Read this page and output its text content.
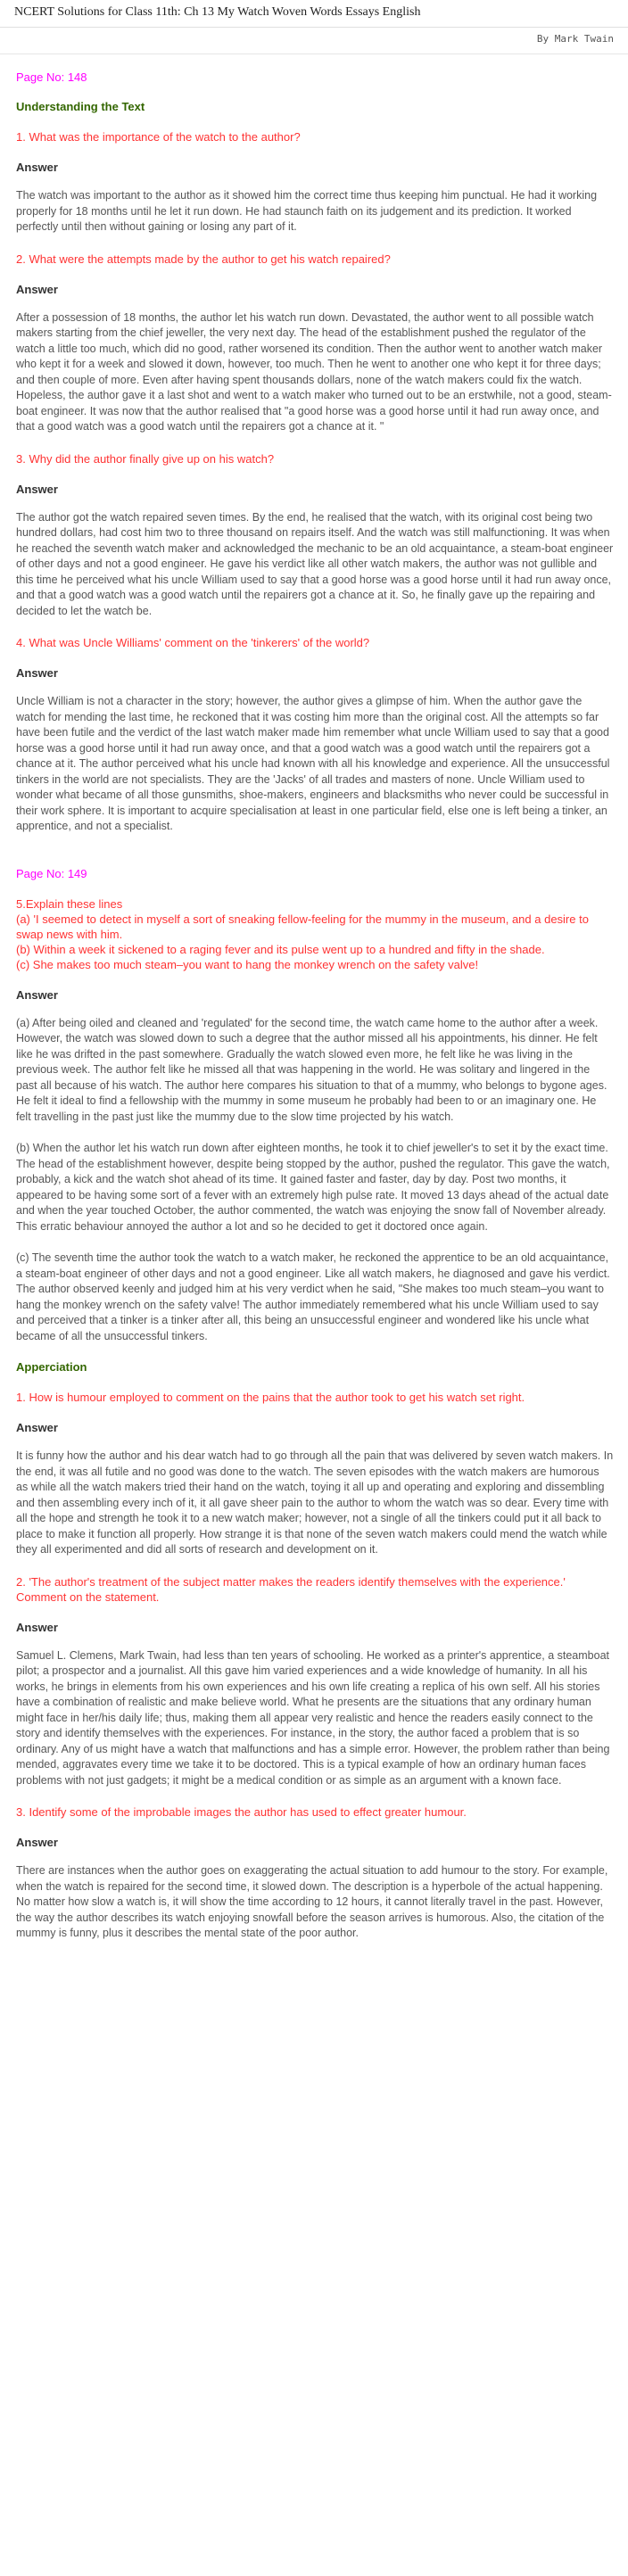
NCERT Solutions for Class 11th: Ch 13 My Watch Woven Words Essays English
By Mark Twain
Page No: 148
Understanding the Text
1. What was the importance of the watch to the author?
Answer

The watch was important to the author as it showed him the correct time thus keeping him punctual. He had it working properly for 18 months until he let it run down. He had staunch faith on its judgement and its prediction. It worked perfectly until then without gaining or losing any part of it.

2. What were the attempts made by the author to get his watch repaired?
Answer

After a possession of 18 months, the author let his watch run down. Devastated, the author went to all possible watch makers starting from the chief jeweller, the very next day. The head of the establishment pushed the regulator of the watch a little too much, which did no good, rather worsened its condition. Then the author went to another watch maker who kept it for a week and slowed it down, however, too much. Then he went to another one who kept it for three days; and then couple of more. Even after having spent thousands dollars, none of the watch makers could fix the watch. Hopeless, the author gave it a last shot and went to a watch maker who turned out to be an erstwhile, not a good, steam-boat engineer. It was now that the author realised that "a good horse was a good horse until it had run away once, and that a good watch was a good watch until the repairers got a chance at it. "

3. Why did the author finally give up on his watch?
Answer

The author got the watch repaired seven times. By the end, he realised that the watch, with its original cost being two hundred dollars, had cost him two to three thousand on repairs itself. And the watch was still malfunctioning. It was when he reached the seventh watch maker and acknowledged the mechanic to be an old acquaintance, a steam-boat engineer of other days and not a good engineer. He gave his verdict like all other watch makers, the author was not gullible and this time he perceived what his uncle William used to say that a good horse was a good horse until it had run away once, and that a good watch was a good watch until the repairers got a chance at it. So, he finally gave up the repairing and decided to let the watch be.

4. What was Uncle Williams' comment on the 'tinkerers' of the world?
Answer

Uncle William is not a character in the story; however, the author gives a glimpse of him. When the author gave the watch for mending the last time, he reckoned that it was costing him more than the original cost. All the attempts so far have been futile and the verdict of the last watch maker made him remember what uncle William used to say that a good horse was a good horse until it had run away once, and that a good watch was a good watch until the repairers got a chance at it. The author perceived what his uncle had known with all his knowledge and experience. All the unsuccessful tinkers in the world are not specialists. They are the 'Jacks' of all trades and masters of none. Uncle William used to wonder what became of all those gunsmiths, shoe-makers, engineers and blacksmiths who never could be successful in their work sphere. It is important to acquire specialisation at least in one particular field, else one is left being a tinker, an apprentice, and not a specialist.

Page No: 149
5.Explain these lines
(a) 'I seemed to detect in myself a sort of sneaking fellow-feeling for the mummy in the museum, and a desire to swap news with him.
(b) Within a week it sickened to a raging fever and its pulse went up to a hundred and fifty in the shade.
(c) She makes too much steam–you want to hang the monkey wrench on the safety valve!
Answer

(a) After being oiled and cleaned and 'regulated' for the second time, the watch came home to the author after a week. However, the watch was slowed down to such a degree that the author missed all his appointments, his dinner. He felt like he was drifted in the past somewhere. Gradually the watch slowed even more, he felt like he was living in the previous week. The author felt like he missed all that was happening in the world. He was solitary and lingered in the past all because of his watch. The author here compares his situation to that of a mummy, who belongs to bygone ages. He felt it ideal to find a fellowship with the mummy in some museum he probably had been to or an imaginary one. He felt travelling in the past just like the mummy due to the slow time projected by his watch.

(b) When the author let his watch run down after eighteen months, he took it to chief jeweller's to set it by the exact time. The head of the establishment however, despite being stopped by the author, pushed the regulator. This gave the watch, probably, a kick and the watch shot ahead of its time. It gained faster and faster, day by day. Post two months, it appeared to be having some sort of a fever with an extremely high pulse rate. It moved 13 days ahead of the actual date and when the year touched October, the author commented, the watch was enjoying the snow fall of November already. This erratic behaviour annoyed the author a lot and so he decided to get it doctored once again.

(c) The seventh time the author took the watch to a watch maker, he reckoned the apprentice to be an old acquaintance, a steam-boat engineer of other days and not a good engineer. Like all watch makers, he diagnosed and gave his verdict. The author observed keenly and judged him at his very verdict when he said, "She makes too much steam–you want to hang the monkey wrench on the safety valve! The author immediately remembered what his uncle William used to say and perceived that a tinker is a tinker after all, this being an unsuccessful engineer and wondered like his uncle what became of all the unsuccessful tinkers.

Apperciation
1. How is humour employed to comment on the pains that the author took to get his watch set right.
Answer

It is funny how the author and his dear watch had to go through all the pain that was delivered by seven watch makers. In the end, it was all futile and no good was done to the watch. The seven episodes with the watch makers are humorous as while all the watch makers tried their hand on the watch, toying it all up and operating and exploring and dissembling and then assembling every inch of it, it all gave sheer pain to the author to whom the watch was so dear. Every time with all the hope and strength he took it to a new watch maker; however, not a single of all the tinkers could put it all back to place to make it function all properly. How strange it is that none of the seven watch makers could mend the watch while they all experimented and did all sorts of research and development on it.

2. 'The author's treatment of the subject matter makes the readers identify themselves with the experience.' Comment on the statement.
Answer

Samuel L. Clemens, Mark Twain, had less than ten years of schooling. He worked as a printer's apprentice, a steamboat pilot; a prospector and a journalist. All this gave him varied experiences and a wide knowledge of humanity. In all his works, he brings in elements from his own experiences and his own life creating a replica of his own self. All his stories have a combination of realistic and make believe world. What he presents are the situations that any ordinary human might face in her/his daily life; thus, making them all appear very realistic and hence the readers easily connect to the story and identify themselves with the experiences. For instance, in the story, the author faced a problem that is so ordinary. Any of us might have a watch that malfunctions and has a simple error. However, the problem rather than being mended, aggravates every time we take it to be doctored. This is a typical example of how an ordinary human faces problems with not just gadgets; it might be a medical condition or as simple as an argument with a known face.

3. Identify some of the improbable images the author has used to effect greater humour.
Answer

There are instances when the author goes on exaggerating the actual situation to add humour to the story. For example, when the watch is repaired for the second time, it slowed down. The description is a hyperbole of the actual happening. No matter how slow a watch is, it will show the time according to 12 hours, it cannot literally travel in the past. However, the way the author describes its watch enjoying snowfall before the season arrives is humorous. Also, the citation of the mummy is funny, plus it describes the mental state of the poor author.
